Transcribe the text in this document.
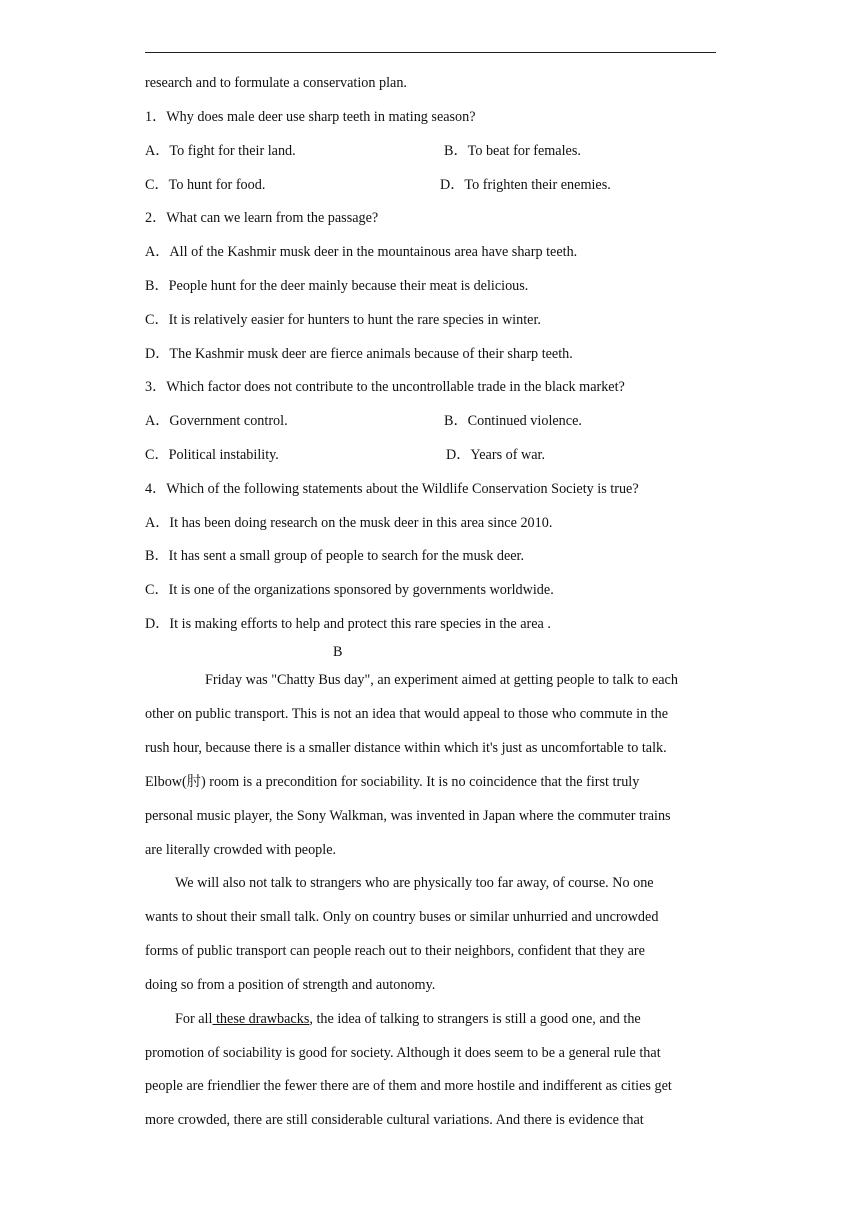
research and to formulate a conservation plan.
1．Why does male deer use sharp teeth in mating season?
A．To fight for their land.	B．To beat for females.
C．To hunt for food.	D．To frighten their enemies.
2．What can we learn from the passage?
A．All of the Kashmir musk deer in the mountainous area have sharp teeth.
B．People hunt for the deer mainly because their meat is delicious.
C．It is relatively easier for hunters to hunt the rare species in winter.
D．The Kashmir musk deer are fierce animals because of their sharp teeth.
3．Which factor does not contribute to the uncontrollable trade in the black market?
A．Government control.	B．Continued violence.
C．Political instability.	D．Years of war.
4．Which of the following statements about the Wildlife Conservation Society is true?
A．It has been doing research on the musk deer in this area since 2010.
B．It has sent a small group of people to search for the musk deer.
C．It is one of the organizations sponsored by governments worldwide.
D．It is making efforts to help and protect this rare species in the area .
B
Friday was "Chatty Bus day", an experiment aimed at getting people to talk to each
other on public transport. This is not an idea that would appeal to those who commute in the
rush hour, because there is a smaller distance within which it's just as uncomfortable to talk.
Elbow(肘) room is a precondition for sociability. It is no coincidence that the first truly
personal music player, the Sony Walkman, was invented in Japan where the commuter trains
are literally crowded with people.
We will also not talk to strangers who are physically too far away, of course. No one
wants to shout their small talk. Only on country buses or similar unhurried and uncrowded
forms of public transport can people reach out to their neighbors, confident that they are
doing so from a position of strength and autonomy.
For all these drawbacks, the idea of talking to strangers is still a good one, and the
promotion of sociability is good for society. Although it does seem to be a general rule that
people are friendlier the fewer there are of them and more hostile and indifferent as cities get
more crowded, there are still considerable cultural variations. And there is evidence that
